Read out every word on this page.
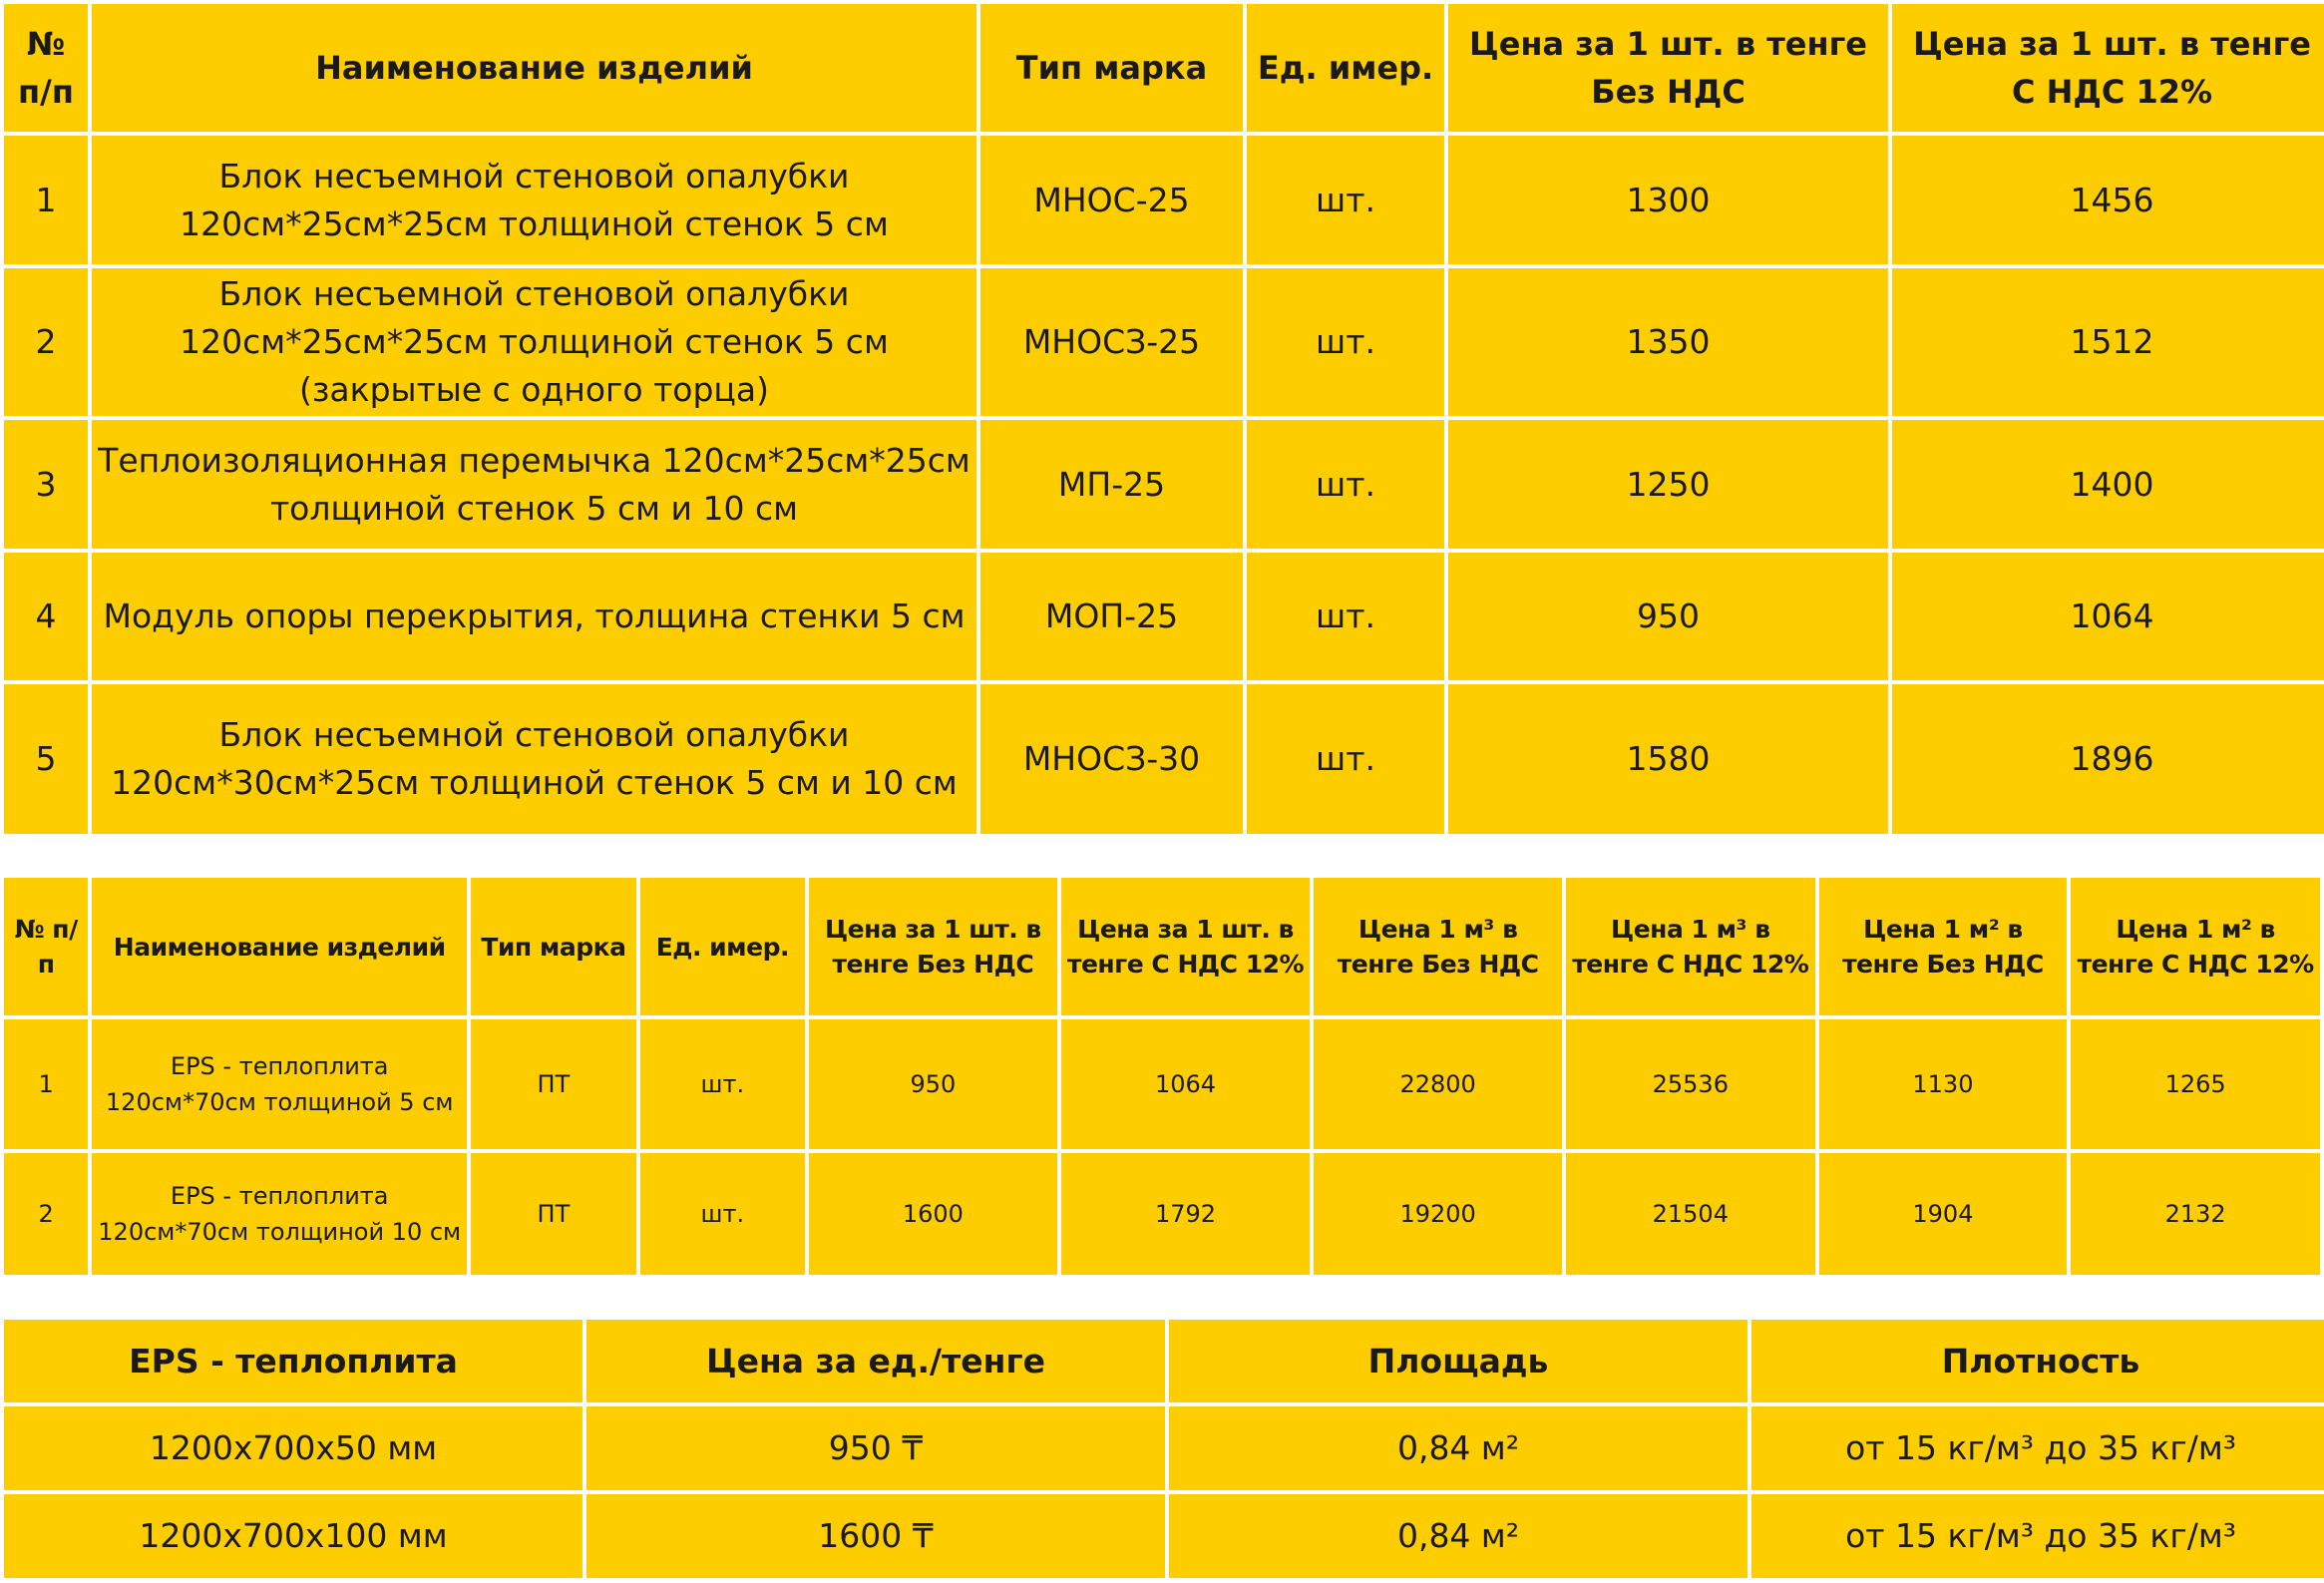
№ п/п	Наименование изделий	Тип марка	Ед. имер.	Цена за 1 шт. в тенге Без НДС	Цена за 1 шт. в тенге С НДС 12%
1	Блок несъемной стеновой опалубки 120см*25см*25см толщиной стенок 5 см	МНОС-25	шт.	1300	1456
2	Блок несъемной стеновой опалубки 120см*25см*25см толщиной стенок 5 см (закрытые с одного торца)	МНОСЗ-25	шт.	1350	1512
3	Теплоизоляционная перемычка 120см*25см*25см толщиной стенок 5 см и 10 см	МП-25	шт.	1250	1400
4	Модуль опоры перекрытия, толщина стенки 5 см	МОП-25	шт.	950	1064
5	Блок несъемной стеновой опалубки 120см*30см*25см толщиной стенок 5 см и 10 см	МНОСЗ-30	шт.	1580	1896
№ п/п	Наименование изделий	Тип марка	Ед. имер.	Цена за 1 шт. в тенге Без НДС	Цена за 1 шт. в тенге С НДС 12%	Цена 1 м³ в тенге Без НДС	Цена 1 м³ в тенге С НДС 12%	Цена 1 м² в тенге Без НДС	Цена 1 м² в тенге С НДС 12%
1	EPS - теплоплита 120см*70см толщиной 5 см	ПТ	шт.	950	1064	22800	25536	1130	1265
2	EPS - теплоплита 120см*70см толщиной 10 см	ПТ	шт.	1600	1792	19200	21504	1904	2132
EPS - теплоплита	Цена за ед./тенге	Площадь	Плотность
1200x700x50 мм	950 ₸	0,84 м²	от 15 кг/м³ до 35 кг/м³
1200x700x100 мм	1600 ₸	0,84 м²	от 15 кг/м³ до 35 кг/м³
